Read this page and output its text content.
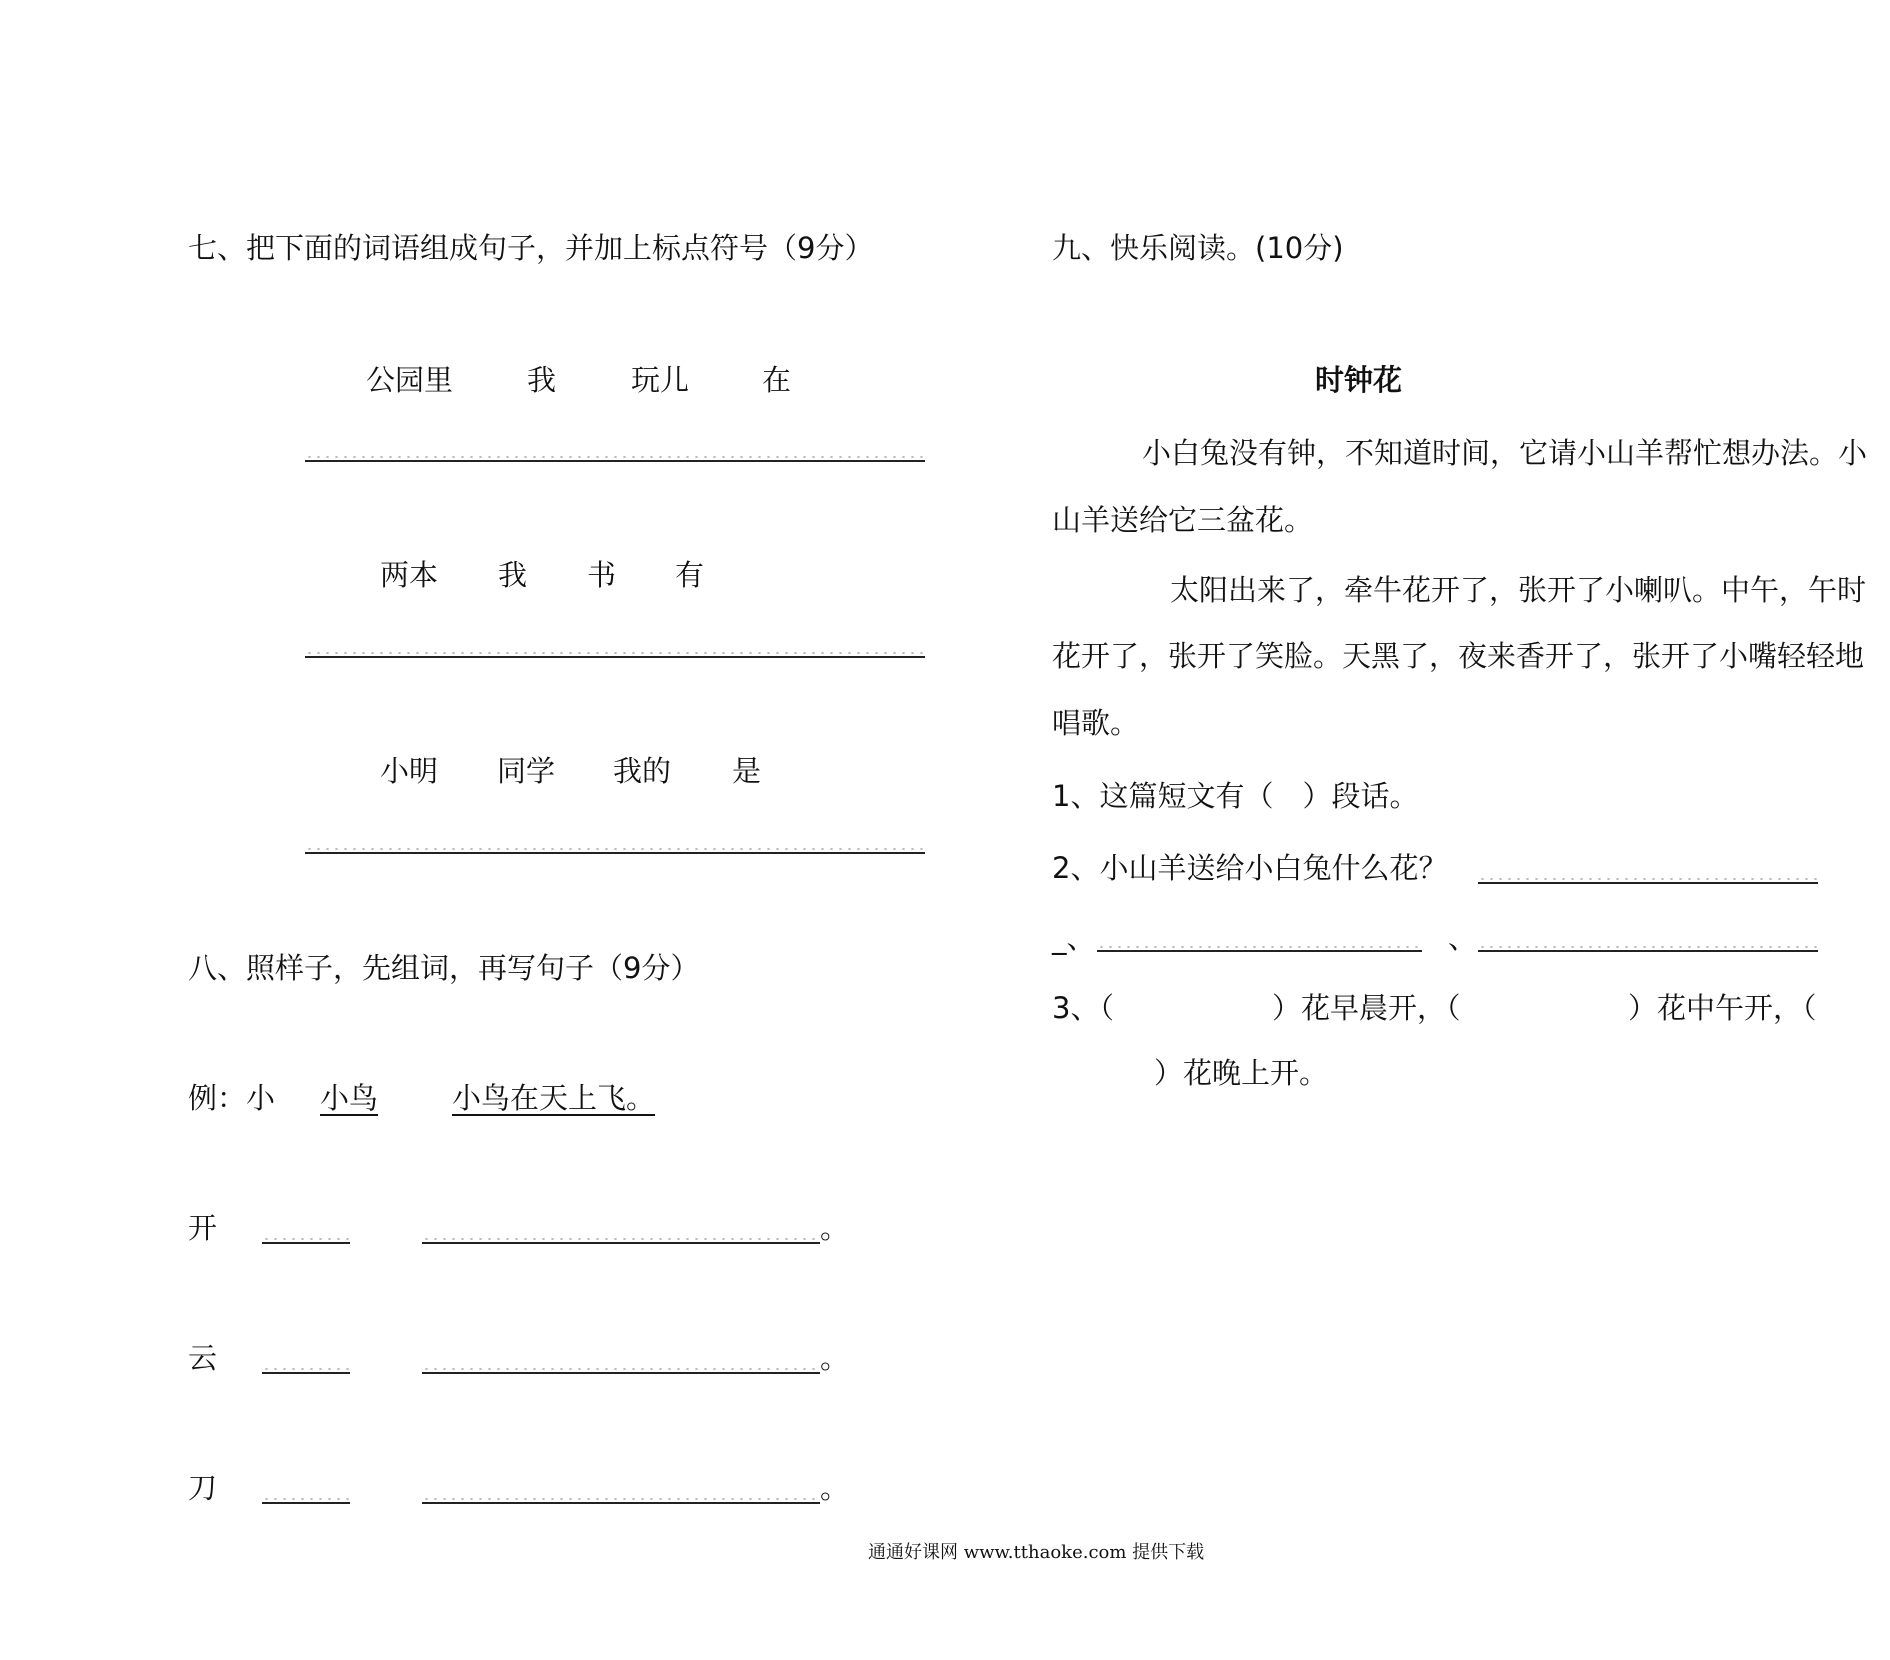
七、把下面的词语组成句子，并加上标点符号（9分）
公园里	我	玩儿	在
两本 我 书 有
小明 同学 我的 是
八、照样子，先组词，再写句子（9分）
例：小 小鸟	小鸟在天上飞。
开	。
云	。
刀	。
九、快乐阅读。(10分)
时钟花
小白兔没有钟，不知道时间，它请小山羊帮忙想办法。小
山羊送给它三盆花。
太阳出来了，牵牛花开了，张开了小喇叭。中午，午时
花开了，张开了笑脸。天黑了，夜来香开了，张开了小嘴轻轻地
唱歌。
1、这篇短文有（　）段话。
2、小山羊送给小白兔什么花？
_、	、
3、（	）花早晨开，（	）花中午开，（
）花晚上开。
通通好课网 www.tthaoke.com 提供下载
